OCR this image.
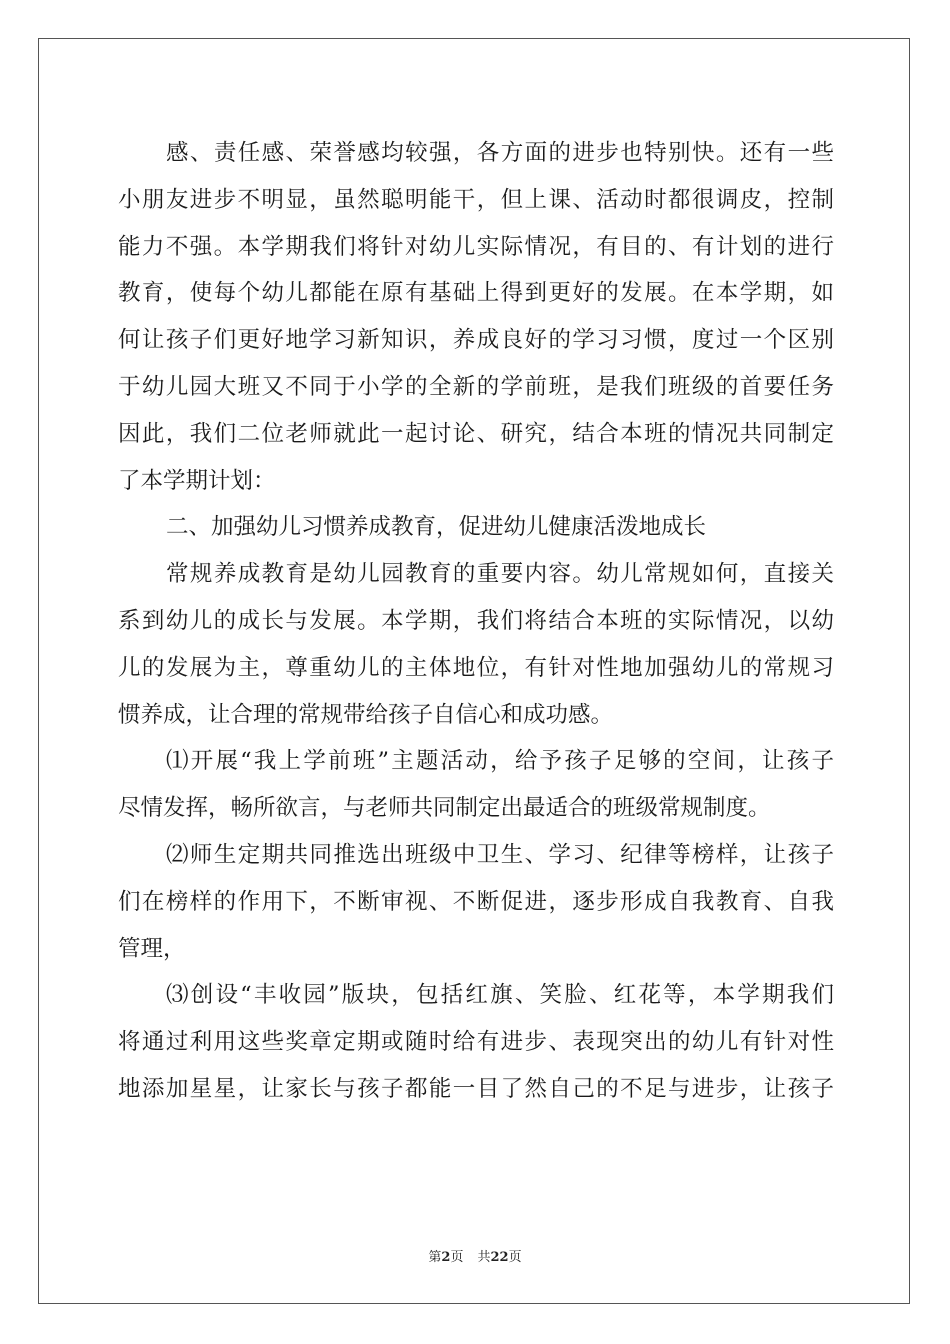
感、责任感、荣誉感均较强，各方面的进步也特别快。还有一些
小朋友进步不明显，虽然聪明能干，但上课、活动时都很调皮，控制
能力不强。本学期我们将针对幼儿实际情况，有目的、有计划的进行
教育，使每个幼儿都能在原有基础上得到更好的发展。在本学期，如
何让孩子们更好地学习新知识，养成良好的学习习惯，度过一个区别
于幼儿园大班又不同于小学的全新的学前班，是我们班级的首要任务
因此，我们二位老师就此一起讨论、研究，结合本班的情况共同制定
了本学期计划：
二、加强幼儿习惯养成教育，促进幼儿健康活泼地成长
常规养成教育是幼儿园教育的重要内容。幼儿常规如何，直接关
系到幼儿的成长与发展。本学期，我们将结合本班的实际情况，以幼
儿的发展为主，尊重幼儿的主体地位，有针对性地加强幼儿的常规习
惯养成，让合理的常规带给孩子自信心和成功感。
⑴开展“我上学前班”主题活动，给予孩子足够的空间，让孩子
尽情发挥，畅所欲言，与老师共同制定出最适合的班级常规制度。
⑵师生定期共同推选出班级中卫生、学习、纪律等榜样，让孩子
们在榜样的作用下，不断审视、不断促进，逐步形成自我教育、自我
管理，
⑶创设“丰收园”版块，包括红旗、笑脸、红花等，本学期我们
将通过利用这些奖章定期或随时给有进步、表现突出的幼儿有针对性
地添加星星，让家长与孩子都能一目了然自己的不足与进步，让孩子
第2页 共22页
